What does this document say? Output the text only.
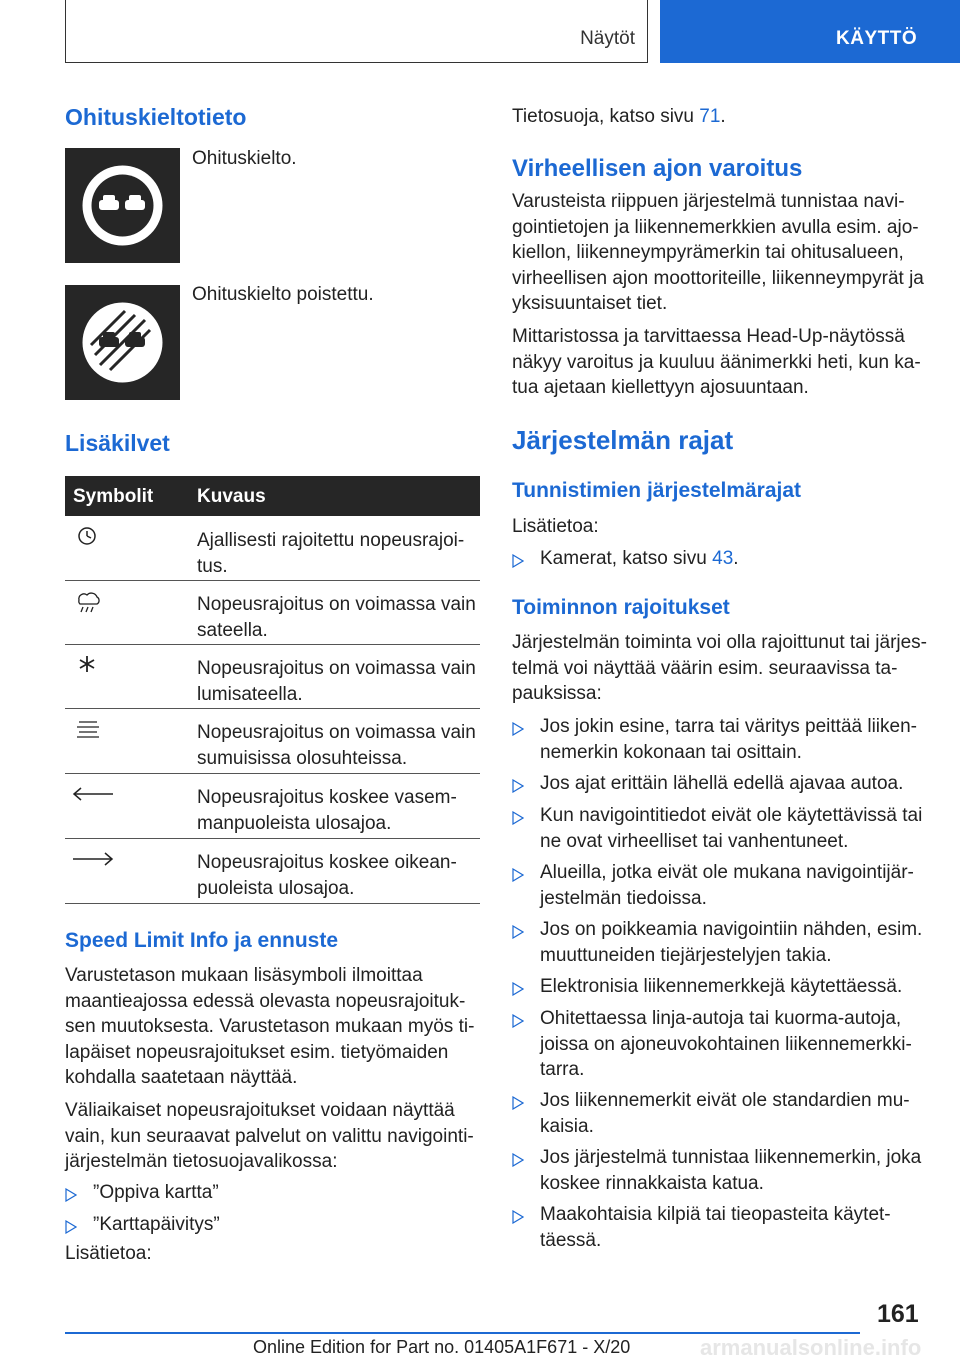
Näytöt	KÄYTTÖ
Ohituskieltotieto
Ohituskielto.
Ohituskielto poistettu.
Lisäkilvet
Symbolit Kuvaus
Ajallisesti rajoitettu nopeusrajoi-
tus.
Nopeusrajoitus on voimassa vain
sateella.
Nopeusrajoitus on voimassa vain
lumisateella.
Nopeusrajoitus on voimassa vain
sumuisissa olosuhteissa.
Nopeusrajoitus koskee vasem-
manpuoleista ulosajoa.
Nopeusrajoitus koskee oikean-
puoleista ulosajoa.
Speed Limit Info ja ennuste
Varustetason mukaan lisäsymboli ilmoittaa
maantieajossa edessä olevasta nopeusrajoituk-
sen muutoksesta. Varustetason mukaan myös ti-
lapäiset nopeusrajoitukset esim. tietyömaiden
kohdalla saatetaan näyttää.
Väliaikaiset nopeusrajoitukset voidaan näyttää
vain, kun seuraavat palvelut on valittu navigointi-
järjestelmän tietosuojavalikossa:
”Oppiva kartta”
”Karttapäivitys”
Lisätietoa:
Tietosuoja, katso sivu 71.
Virheellisen ajon varoitus
Varusteista riippuen järjestelmä tunnistaa navi-
gointietojen ja liikennemerkkien avulla esim. ajo-
kiellon, liikenneympyrämerkin tai ohitusalueen,
virheellisen ajon moottoriteille, liikenneympyrät ja
yksisuuntaiset tiet.
Mittaristossa ja tarvittaessa Head-Up-näytössä
näkyy varoitus ja kuuluu äänimerkki heti, kun ka-
tua ajetaan kiellettyyn ajosuuntaan.
Järjestelmän rajat
Tunnistimien järjestelmärajat
Lisätietoa:
Kamerat, katso sivu 43.
Toiminnon rajoitukset
Järjestelmän toiminta voi olla rajoittunut tai järjes-
telmä voi näyttää väärin esim. seuraavissa ta-
pauksissa:
Jos jokin esine, tarra tai väritys peittää liiken-
nemerkin kokonaan tai osittain.
Jos ajat erittäin lähellä edellä ajavaa autoa.
Kun navigointitiedot eivät ole käytettävissä tai
ne ovat virheelliset tai vanhentuneet.
Alueilla, jotka eivät ole mukana navigointijär-
jestelmän tiedoissa.
Jos on poikkeamia navigointiin nähden, esim.
muuttuneiden tiejärjestelyjen takia.
Elektronisia liikennemerkkejä käytettäessä.
Ohitettaessa linja-autoja tai kuorma-autoja,
joissa on ajoneuvokohtainen liikennemerkki-
tarra.
Jos liikennemerkit eivät ole standardien mu-
kaisia.
Jos järjestelmä tunnistaa liikennemerkin, joka
koskee rinnakkaista katua.
Maakohtaisia kilpiä tai tieopasteita käytet-
täessä.
161
armanualsonline.info
Online Edition for Part no. 01405A1F671 - X/20
